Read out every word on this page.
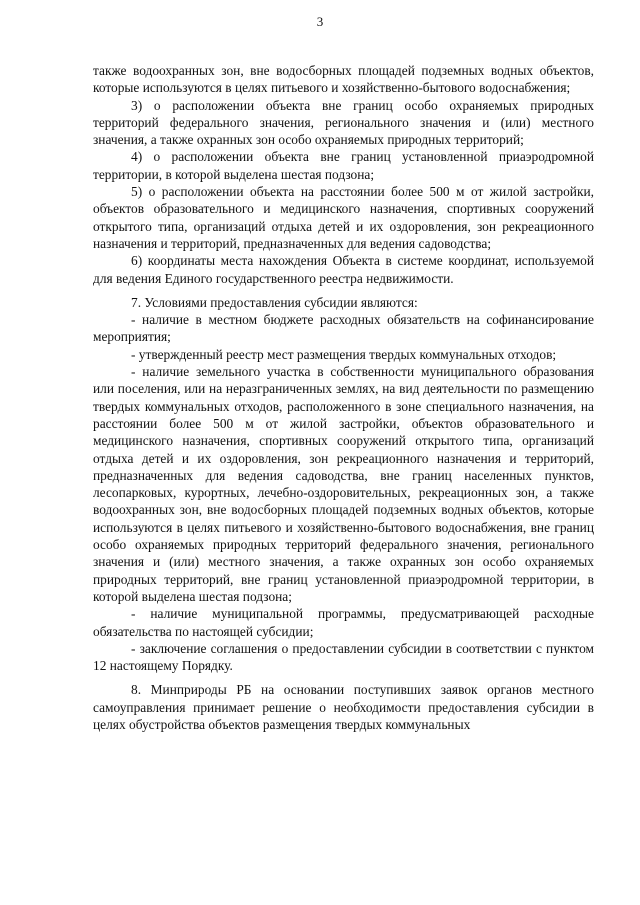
3

также водоохранных зон, вне водосборных площадей подземных водных объектов, которые используются в целях питьевого и хозяйственно-бытового водоснабжения;

3) о расположении объекта вне границ особо охраняемых природных территорий федерального значения, регионального значения и (или) местного значения, а также охранных зон особо охраняемых природных территорий;

4) о расположении объекта вне границ установленной приаэродромной территории, в которой выделена шестая подзона;

5) о расположении объекта на расстоянии более 500 м от жилой застройки, объектов образовательного и медицинского назначения, спортивных сооружений открытого типа, организаций отдыха детей и их оздоровления, зон рекреационного назначения и территорий, предназначенных для ведения садоводства;

6) координаты места нахождения Объекта в системе координат, используемой для ведения Единого государственного реестра недвижимости.

7. Условиями предоставления субсидии являются:

- наличие в местном бюджете расходных обязательств на софинансирование мероприятия;

- утвержденный реестр мест размещения твердых коммунальных отходов;

- наличие земельного участка в собственности муниципального образования или поселения, или на неразграниченных землях, на вид деятельности по размещению твердых коммунальных отходов, расположенного в зоне специального назначения, на расстоянии более 500 м от жилой застройки, объектов образовательного и медицинского назначения, спортивных сооружений открытого типа, организаций отдыха детей и их оздоровления, зон рекреационного назначения и территорий, предназначенных для ведения садоводства, вне границ населенных пунктов, лесопарковых, курортных, лечебно-оздоровительных, рекреационных зон, а также водоохранных зон, вне водосборных площадей подземных водных объектов, которые используются в целях питьевого и хозяйственно-бытового водоснабжения, вне границ особо охраняемых природных территорий федерального значения, регионального значения и (или) местного значения, а также охранных зон особо охраняемых природных территорий, вне границ установленной приаэродромной территории, в которой выделена шестая подзона;

- наличие муниципальной программы, предусматривающей расходные обязательства по настоящей субсидии;

- заключение соглашения о предоставлении субсидии в соответствии с пунктом 12 настоящему Порядку.

8. Минприроды РБ на основании поступивших заявок органов местного самоуправления принимает решение о необходимости предоставления субсидии в целях обустройства объектов размещения твердых коммунальных
